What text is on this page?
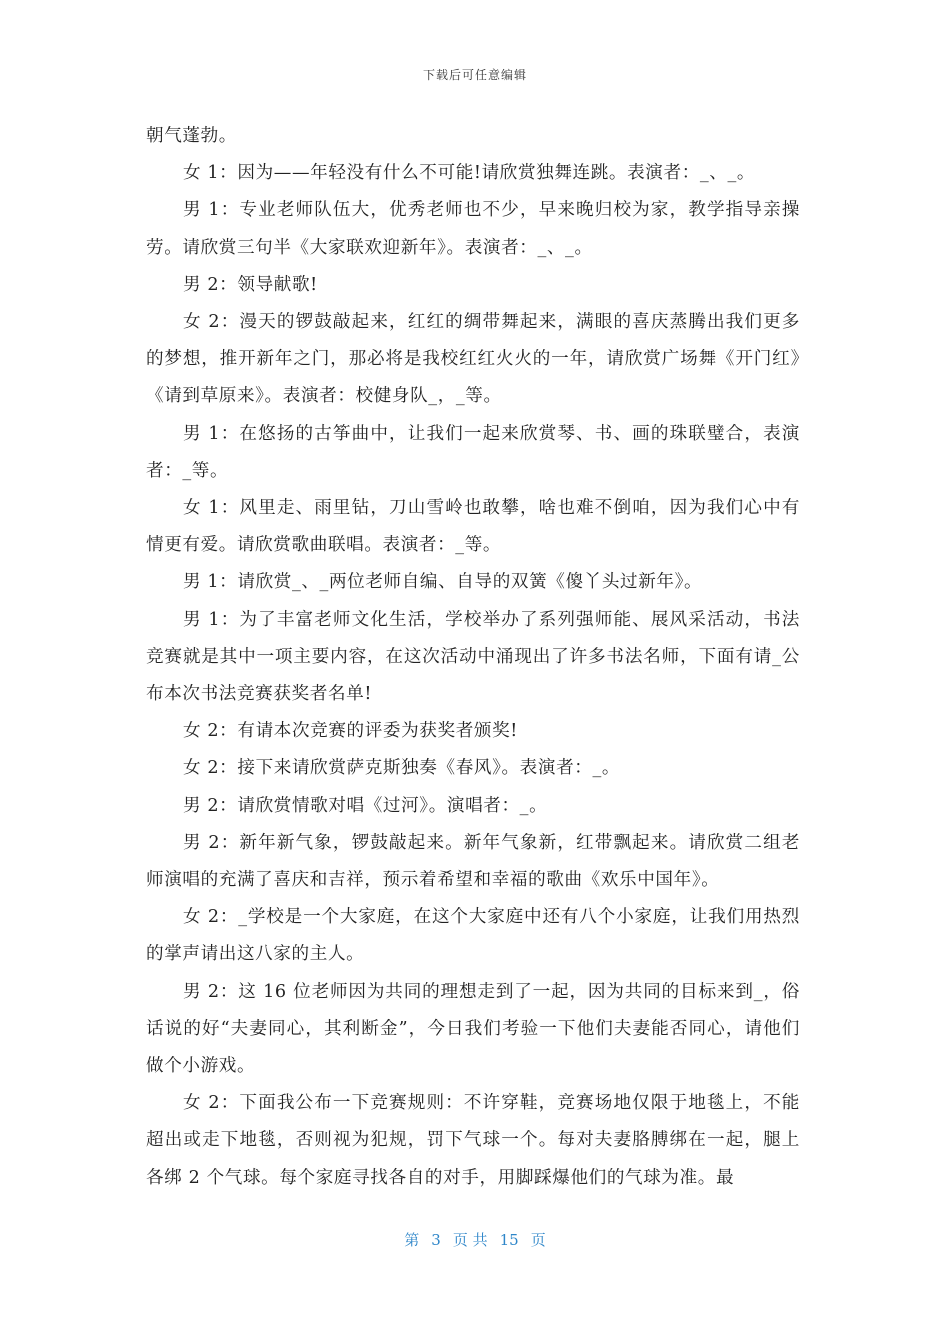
下载后可任意编辑

朝气蓬勃。

女 1：因为——年轻没有什么不可能!请欣赏独舞连跳。表演者：_、_。

男 1：专业老师队伍大，优秀老师也不少，早来晚归校为家，教学指导亲操劳。请欣赏三句半《大家联欢迎新年》。表演者：_、_。

男 2：领导献歌!

女 2：漫天的锣鼓敲起来，红红的绸带舞起来，满眼的喜庆蒸腾出我们更多的梦想，推开新年之门，那必将是我校红红火火的一年，请欣赏广场舞《开门红》《请到草原来》。表演者：校健身队_，_等。

男 1：在悠扬的古筝曲中，让我们一起来欣赏琴、书、画的珠联璧合，表演者：_等。

女 1：风里走、雨里钻，刀山雪岭也敢攀，啥也难不倒咱，因为我们心中有情更有爱。请欣赏歌曲联唱。表演者：_等。

男 1：请欣赏_、_两位老师自编、自导的双簧《傻丫头过新年》。

男 1：为了丰富老师文化生活，学校举办了系列强师能、展风采活动，书法竞赛就是其中一项主要内容，在这次活动中涌现出了许多书法名师，下面有请_公布本次书法竞赛获奖者名单!

女 2：有请本次竞赛的评委为获奖者颁奖!

女 2：接下来请欣赏萨克斯独奏《春风》。表演者：_。

男 2：请欣赏情歌对唱《过河》。演唱者：_。

男 2：新年新气象，锣鼓敲起来。新年气象新，红带飘起来。请欣赏二组老师演唱的充满了喜庆和吉祥，预示着希望和幸福的歌曲《欢乐中国年》。

女 2：_学校是一个大家庭，在这个大家庭中还有八个小家庭，让我们用热烈的掌声请出这八家的主人。

男 2：这 16 位老师因为共同的理想走到了一起，因为共同的目标来到_，俗话说的好“夫妻同心，其利断金”，今日我们考验一下他们夫妻能否同心，请他们做个小游戏。

女 2：下面我公布一下竞赛规则：不许穿鞋，竞赛场地仅限于地毯上，不能超出或走下地毯，否则视为犯规，罚下气球一个。每对夫妻胳膊绑在一起，腿上各绑 2 个气球。每个家庭寻找各自的对手，用脚踩爆他们的气球为准。最

第 3 页 共 15 页
